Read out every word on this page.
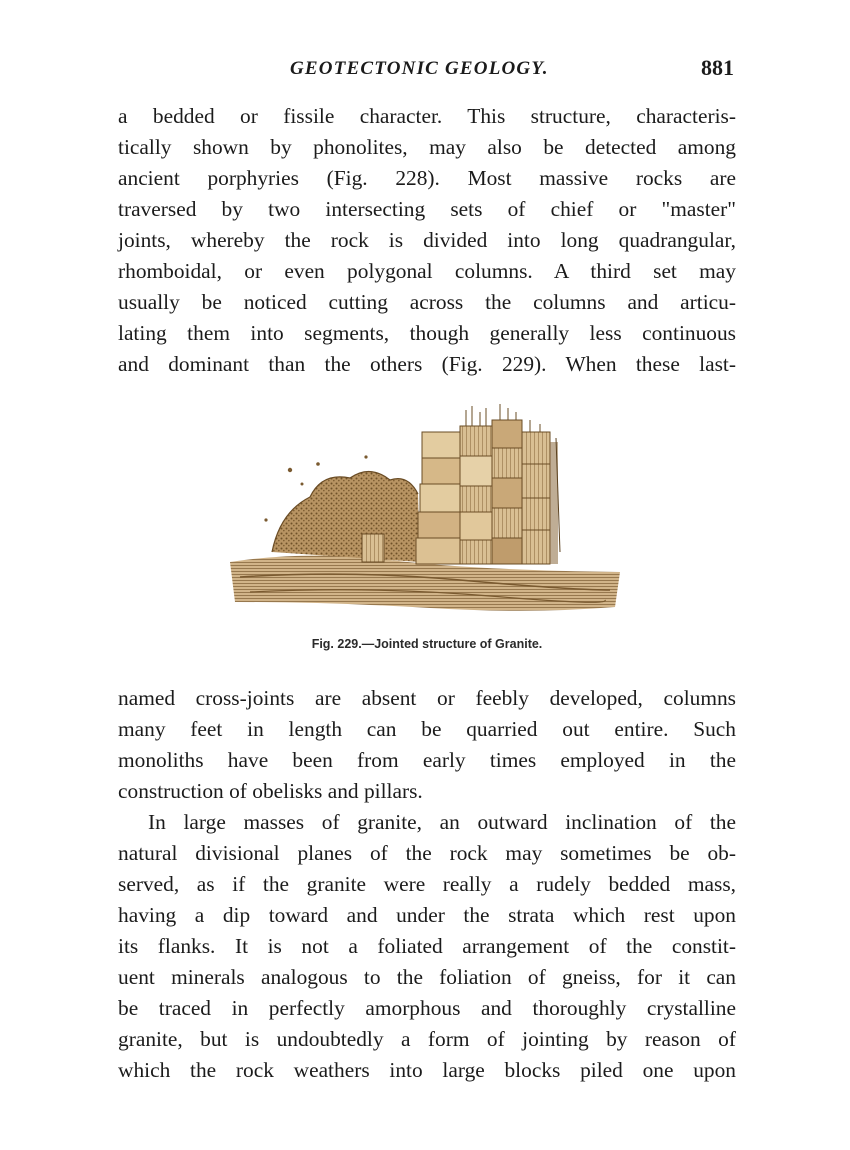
GEOTECTONIC GEOLOGY.	881
a bedded or fissile character. This structure, characteris-
tically shown by phonolites, may also be detected among
ancient porphyries (Fig. 228). Most massive rocks are
traversed by two intersecting sets of chief or "master"
joints, whereby the rock is divided into long quadrangular,
rhomboidal, or even polygonal columns. A third set may
usually be noticed cutting across the columns and articu-
lating them into segments, though generally less continuous
and dominant than the others (Fig. 229). When these last-
Fig. 229.—Jointed structure of Granite.
named cross-joints are absent or feebly developed, columns
many feet in length can be quarried out entire. Such
monoliths have been from early times employed in the
construction of obelisks and pillars.
In large masses of granite, an outward inclination of the
natural divisional planes of the rock may sometimes be ob-
served, as if the granite were really a rudely bedded mass,
having a dip toward and under the strata which rest upon
its flanks. It is not a foliated arrangement of the constit-
uent minerals analogous to the foliation of gneiss, for it can
be traced in perfectly amorphous and thoroughly crystalline
granite, but is undoubtedly a form of jointing by reason of
which the rock weathers into large blocks piled one upon
